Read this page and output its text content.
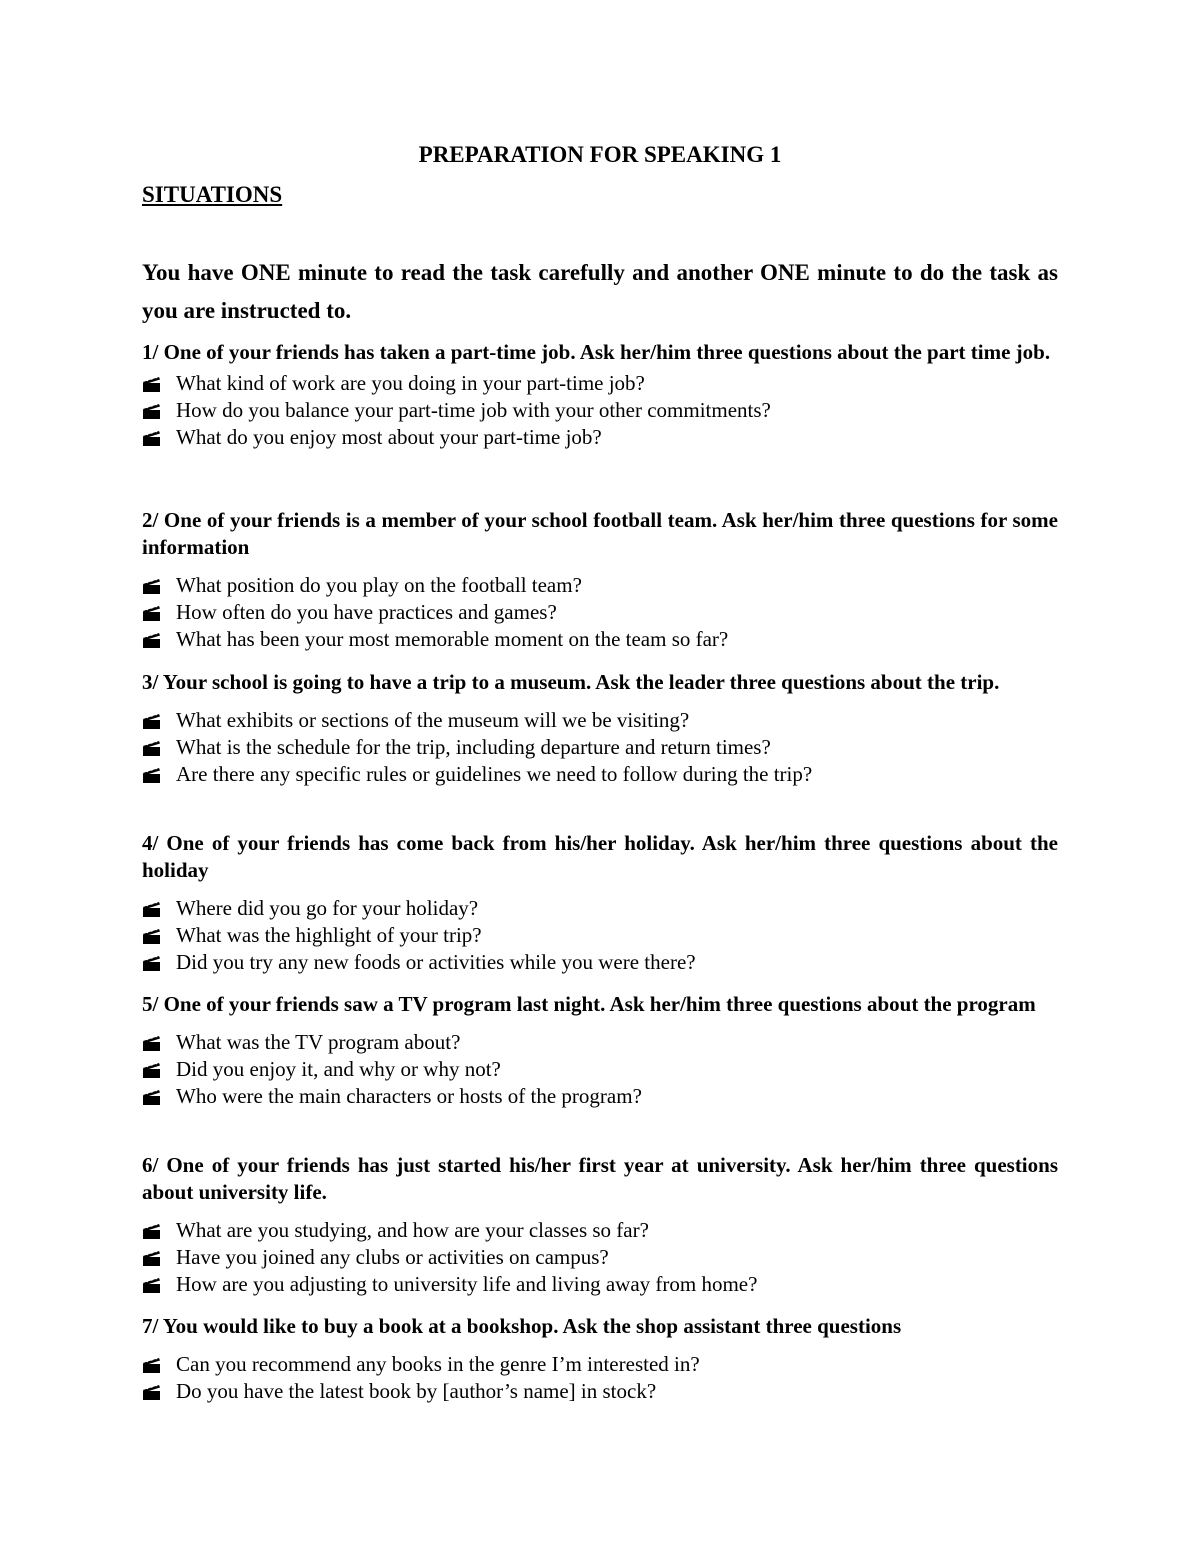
PREPARATION FOR SPEAKING 1
SITUATIONS
You have ONE minute to read the task carefully and another ONE minute to do the task as you are instructed to.

1/ One of your friends has taken a part-time job. Ask her/him three questions about the part time job.

What kind of work are you doing in your part-time job?
How do you balance your part-time job with your other commitments?
What do you enjoy most about your part-time job?

2/ One of your friends is a member of your school football team. Ask her/him three questions for some information

What position do you play on the football team?
How often do you have practices and games?
What has been your most memorable moment on the team so far?

3/ Your school is going to have a trip to a museum. Ask the leader three questions about the trip.

What exhibits or sections of the museum will we be visiting?
What is the schedule for the trip, including departure and return times?
Are there any specific rules or guidelines we need to follow during the trip?

4/ One of your friends has come back from his/her holiday. Ask her/him three questions about the holiday

Where did you go for your holiday?
What was the highlight of your trip?
Did you try any new foods or activities while you were there?

5/ One of your friends saw a TV program last night. Ask her/him three questions about the program

What was the TV program about?
Did you enjoy it, and why or why not?
Who were the main characters or hosts of the program?

6/ One of your friends has just started his/her first year at university. Ask her/him three questions about university life.

What are you studying, and how are your classes so far?
Have you joined any clubs or activities on campus?
How are you adjusting to university life and living away from home?

7/ You would like to buy a book at a bookshop. Ask the shop assistant three questions

Can you recommend any books in the genre I’m interested in?
Do you have the latest book by [author’s name] in stock?
